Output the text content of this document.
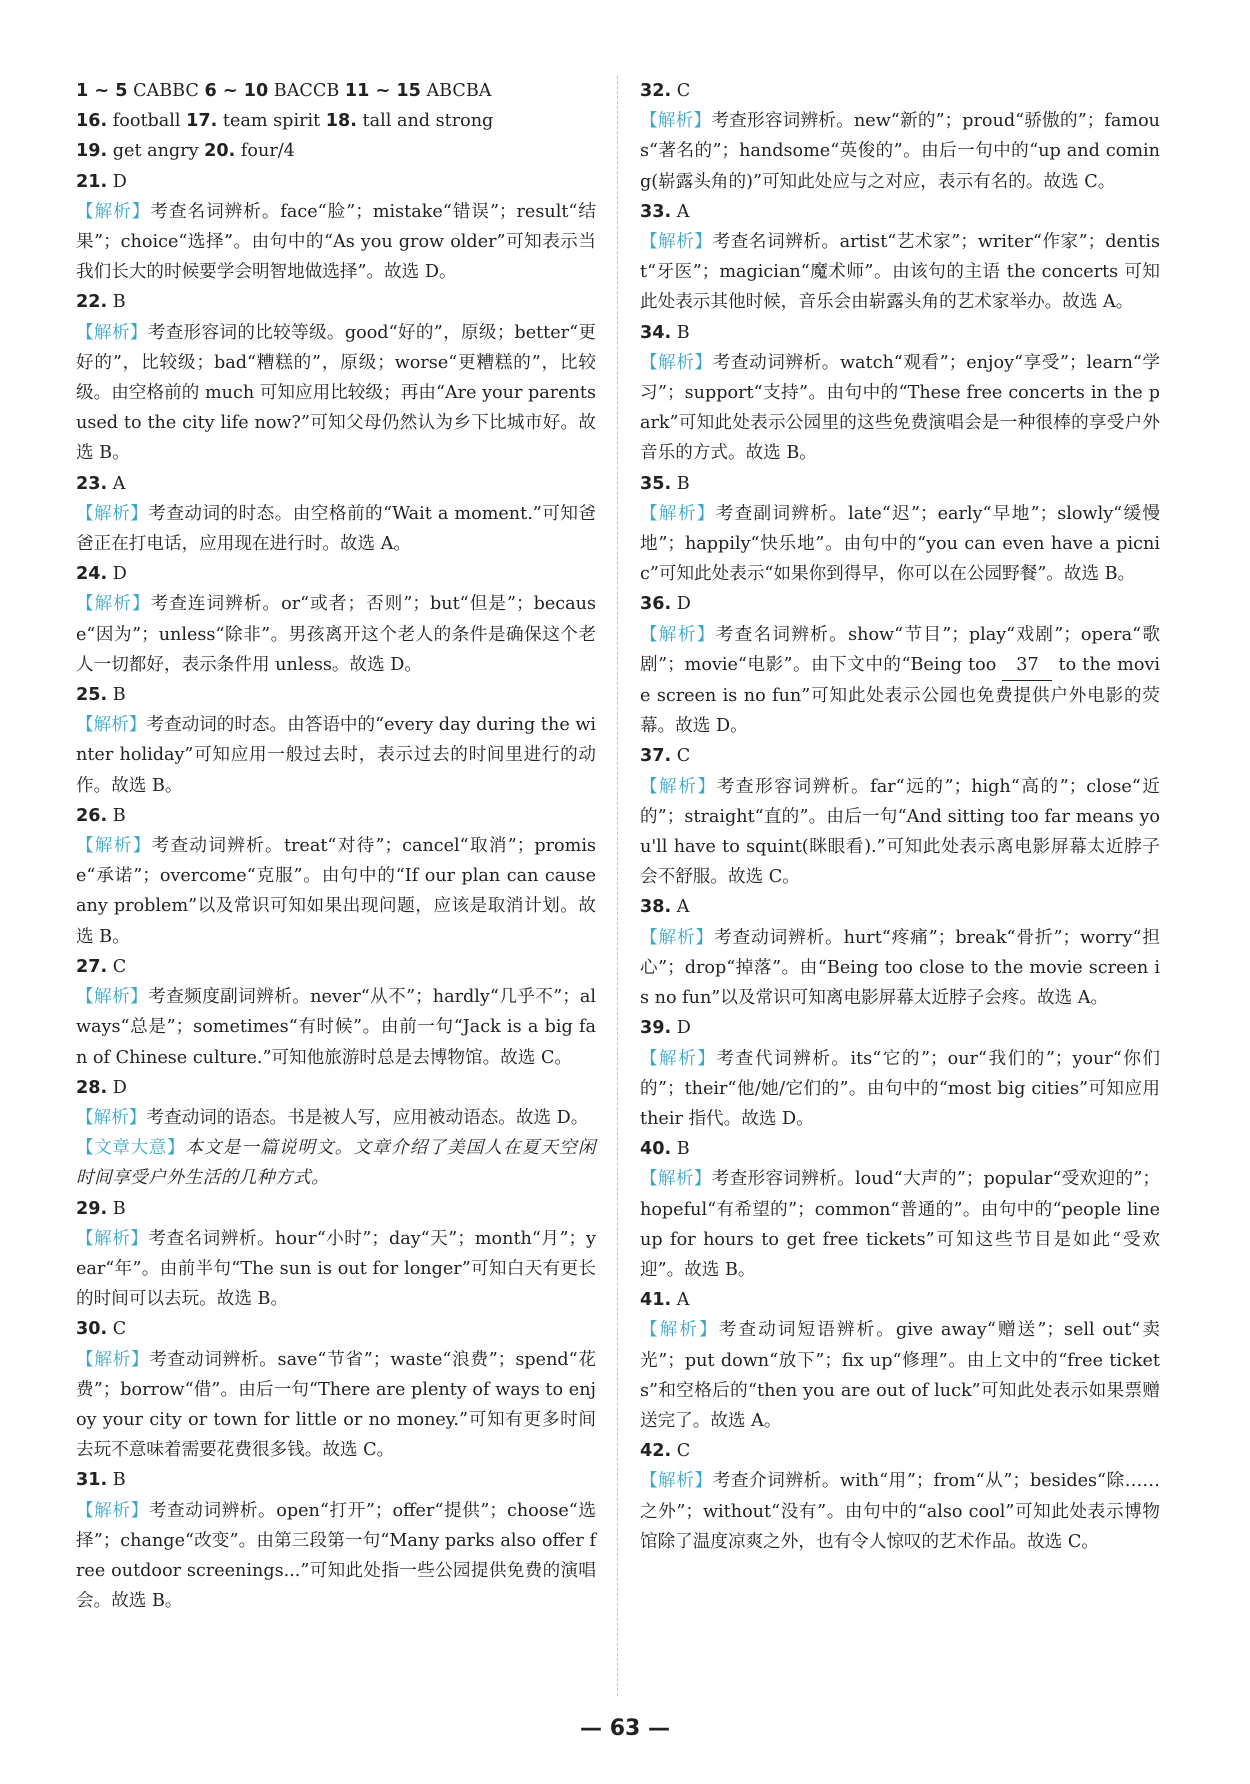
1 ~ 5 CABBC 6 ~ 10 BACCB 11 ~ 15 ABCBA

16. football 17. team spirit 18. tall and strong

19. get angry 20. four/4

21. D

【解析】考查名词辨析。face“脸”；mistake“错误”；result“结果”；choice“选择”。由句中的“As you grow older”可知表示当我们长大的时候要学会明智地做选择”。故选 D。

22. B

【解析】考查形容词的比较等级。good“好的”，原级；better“更好的”，比较级；bad“糟糕的”，原级；worse“更糟糕的”，比较级。由空格前的 much 可知应用比较级；再由“Are your parents used to the city life now?”可知父母仍然认为乡下比城市好。故选 B。

23. A

【解析】考查动词的时态。由空格前的“Wait a moment.”可知爸爸正在打电话，应用现在进行时。故选 A。

24. D

【解析】考查连词辨析。or“或者；否则”；but“但是”；because“因为”；unless“除非”。男孩离开这个老人的条件是确保这个老人一切都好，表示条件用 unless。故选 D。

25. B

【解析】考查动词的时态。由答语中的“every day during the winter holiday”可知应用一般过去时，表示过去的时间里进行的动作。故选 B。

26. B

【解析】考查动词辨析。treat“对待”；cancel“取消”；promise“承诺”；overcome“克服”。由句中的“If our plan can cause any problem”以及常识可知如果出现问题，应该是取消计划。故选 B。

27. C

【解析】考查频度副词辨析。never“从不”；hardly“几乎不”；always“总是”；sometimes“有时候”。由前一句“Jack is a big fan of Chinese culture.”可知他旅游时总是去博物馆。故选 C。

28. D

【解析】考查动词的语态。书是被人写，应用被动语态。故选 D。

【文章大意】本文是一篇说明文。文章介绍了美国人在夏天空闲时间享受户外生活的几种方式。

29. B

【解析】考查名词辨析。hour“小时”；day“天”；month“月”；year“年”。由前半句“The sun is out for longer”可知白天有更长的时间可以去玩。故选 B。

30. C

【解析】考查动词辨析。save“节省”；waste“浪费”；spend“花费”；borrow“借”。由后一句“There are plenty of ways to enjoy your city or town for little or no money.”可知有更多时间去玩不意味着需要花费很多钱。故选 C。

31. B

【解析】考查动词辨析。open“打开”；offer“提供”；choose“选择”；change“改变”。由第三段第一句“Many parks also offer free outdoor screenings...”可知此处指一些公园提供免费的演唱会。故选 B。

32. C

【解析】考查形容词辨析。new“新的”；proud“骄傲的”；famous“著名的”；handsome“英俊的”。由后一句中的“up and coming(崭露头角的)”可知此处应与之对应，表示有名的。故选 C。

33. A

【解析】考查名词辨析。artist“艺术家”；writer“作家”；dentist“牙医”；magician“魔术师”。由该句的主语 the concerts 可知此处表示其他时候，音乐会由崭露头角的艺术家举办。故选 A。

34. B

【解析】考查动词辨析。watch“观看”；enjoy“享受”；learn“学习”；support“支持”。由句中的“These free concerts in the park”可知此处表示公园里的这些免费演唱会是一种很棒的享受户外音乐的方式。故选 B。

35. B

【解析】考查副词辨析。late“迟”；early“早地”；slowly“缓慢地”；happily“快乐地”。由句中的“you can even have a picnic”可知此处表示“如果你到得早，你可以在公园野餐”。故选 B。

36. D

【解析】考查名词辨析。show“节目”；play“戏剧”；opera“歌剧”；movie“电影”。由下文中的“Being too 37 to the movie screen is no fun”可知此处表示公园也免费提供户外电影的荧幕。故选 D。

37. C

【解析】考查形容词辨析。far“远的”；high“高的”；close“近的”；straight“直的”。由后一句“And sitting too far means you'll have to squint(眯眼看).”可知此处表示离电影屏幕太近脖子会不舒服。故选 C。

38. A

【解析】考查动词辨析。hurt“疼痛”；break“骨折”；worry“担心”；drop“掉落”。由“Being too close to the movie screen is no fun”以及常识可知离电影屏幕太近脖子会疼。故选 A。

39. D

【解析】考查代词辨析。its“它的”；our“我们的”；your“你们的”；their“他/她/它们的”。由句中的“most big cities”可知应用 their 指代。故选 D。

40. B

【解析】考查形容词辨析。loud“大声的”；popular“受欢迎的”；hopeful“有希望的”；common“普通的”。由句中的“people line up for hours to get free tickets”可知这些节目是如此“受欢迎”。故选 B。

41. A

【解析】考查动词短语辨析。give away“赠送”；sell out“卖光”；put down“放下”；fix up“修理”。由上文中的“free tickets”和空格后的“then you are out of luck”可知此处表示如果票赠送完了。故选 A。

42. C

【解析】考查介词辨析。with“用”；from“从”；besides“除……之外”；without“没有”。由句中的“also cool”可知此处表示博物馆除了温度凉爽之外，也有令人惊叹的艺术作品。故选 C。

— 63 —
